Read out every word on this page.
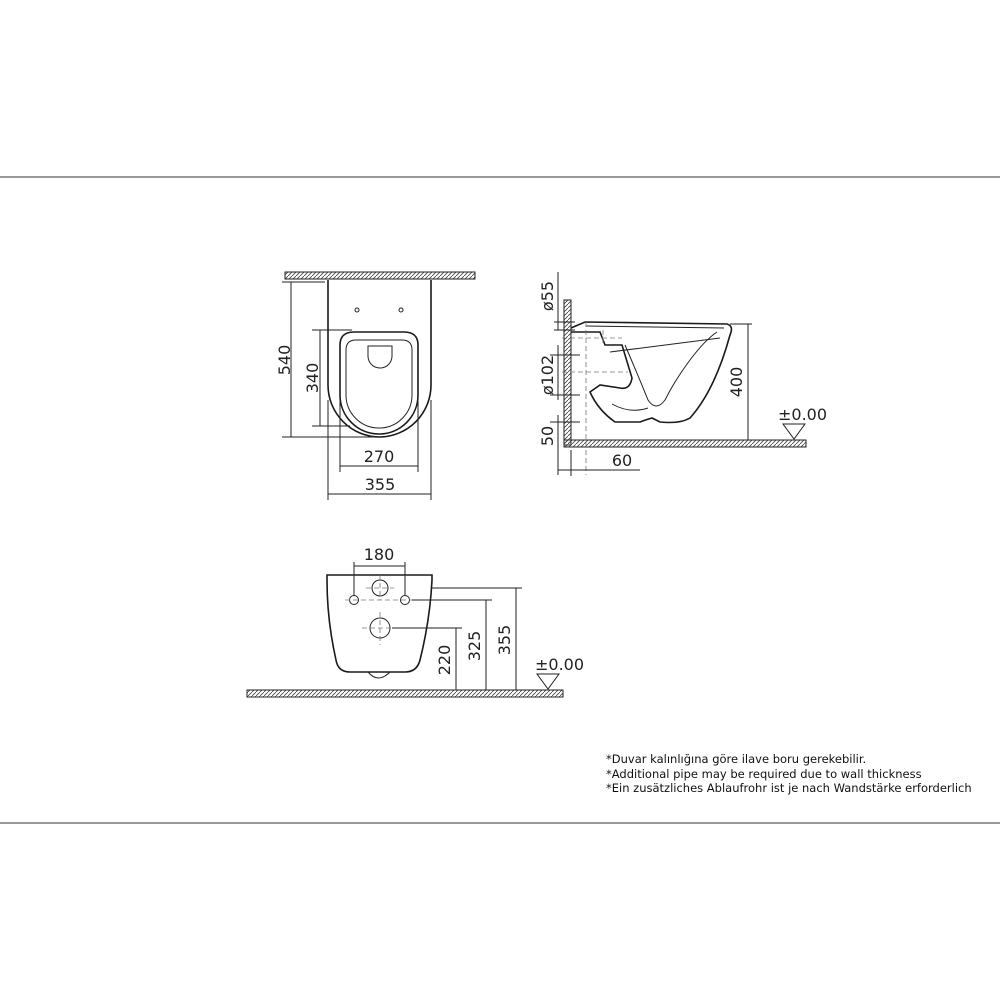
540
340
270
355
ø55
ø102
50
60
400
±0.00
180
220 325 355
±0.00
*Duvar kalınlığına göre ilave boru gerekebilir.
*Additional pipe may be required due to wall thickness
*Ein zusätzliches Ablaufrohr ist je nach Wandstärke erforderlich
